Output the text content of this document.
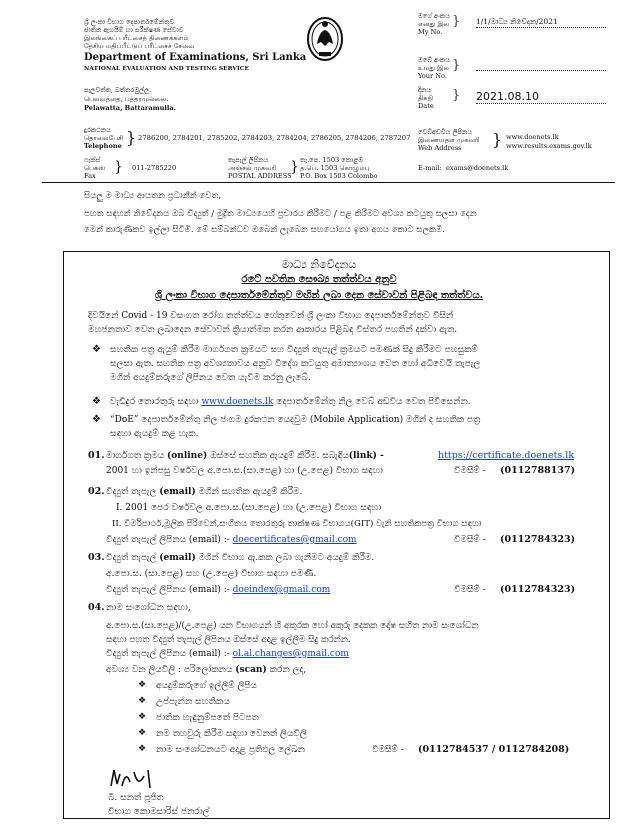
ශ්‍රී ලංකා විභාග දෙපාර්තමේන්තුව
ජාතික ඇගයීම් හා පරීක්ෂණ සේවාව
இலங்கைப் பரீட்சைத் திணைக்களம்
தேசிய மதிப்பீட்டுப் பரீட்சைச் சேவை
Department of Examinations, Sri Lanka
NATIONAL EVALUATION AND TESTING SERVICE
පැලවත්ත, බත්තරමුල්ල.
பெலவத்தை, பத்தரமுல்லை.
Pelawatta, Battaramulla.
මගේ අංකය
எனது இல
My No.
} 1/1/මාධ්‍ය නිවේදන/2021
ඔබේ අංකය
உமது இல
Your No.
}
දිනය
திகதி
Date
} 2021.08.10
දුරකථනය
தொலைபேசி
Telephone } 2786200, 2784201, 2785202, 2784203, 2784204, 2786205, 2784206, 2787207
වෙබ්අඩවිය ලිපිනය
இணையதள முகவரி
Web Address } www.doenets.lk
www.results.exams.gov.lk
ෆැක්ස්
பெக்ஸ்
Fax
} 011-2785220
තැපැල් ලිපිනය
அஞ்சல் முகவரி
POSTAL ADDRESS
} තැ.පෙ. 1503 කොළඹ
த.பெ. 1503 கொழும்பு
P.O. Box 1503 Colombo
E-mail: exams@doenets.lk
සියලු ම මාධ්‍ය ආයතන ප්‍රධානීන් වෙත,
පහත සඳහන් නිවේදනය ඔබ විද්‍යුත් / මුද්‍රිත මාධ්‍යයෙහි ප්‍රචාරය කිරීමට / පළ කිරීමට අවශ්‍ය කටයුතු සලසා දෙන
මෙන් කාරුණිකව ඉල්ලා සිටිමි. මේ සම්බන්ධව ඔබෙන් ලැබෙන සහයෝගය ඉතා අගය කොට සලකමි.
මාධ්‍ය නිවේදනය
රටේ පවතින සෞඛ්‍ය තත්ත්වය අනුව
ශ්‍රී ලංකා විභාග දෙපාර්තමේන්තුව මඟින් ලබා දෙන සේවාවන් පිළිබඳ තත්ත්වය.
දිවයිනේ Covid - 19 වසංගත රෝග තත්ත්වය හේතුවෙන් ශ්‍රී ලංකා විභාග දෙපාර්තමේන්තුව විසින්
මහජනතාව වෙත ලබාදෙන සේවාවන් ක්‍රියාත්මක කරන ආකාරය පිළිබඳ විස්තර පහතින් දක්වා ඇත.
❖ සහතික පත්‍ර ඇයුම් කිරීම මාර්ගගත ක්‍රමයට සහ විද්‍යුත් තැපැල් ක්‍රමයට පමණක් සිදු කිරීමට පහසුකම්
සලසා ඇත. සහතික පත්‍ර අවශ්‍යතාවය අනුව විදේශ කටයුතු අමාත්‍යාංශය වෙත හෝ අධිවෙයි තැපැල
මගින් අයදුම්කරුගේ ලිපිනය වෙත යැවීම කරනු ලැබේ.
❖ වැඩිදුර තොරතුරු සඳහා www.doenets.lk දෙපාර්තමේන්තු නිල වෙබ් අඩවිය වෙත පිවිසෙන්න.
❖ “DoE” දෙපාර්තමේන්තු නිල ජංගම දුරකථන යෙදවුම (Mobile Application) මගින් ද සහතික පත්‍ර
සඳහා ඇයදුම් කළ හැක.
01. මාර්ගගත ක්‍රමය (online) ඔස්සේ සහතික ඇයදුම් කිරීම. සබැඳිය(link) -	https://certificate.doenets.lk
2001 හා ඉන්පසු වර්ෂවල අ.පො.ස.(සා.පෙළ) හා (උ.පෙළ) විභාග සඳහා	විමසීම් - (0112788137)
02. විද්‍යුත් තැපැල (email) මගින් සහතික ඇයදුම් කිරීම.
I. 2001 පෙර වර්ෂවල අ.පො.ස.(සා.පෙළ) හා (උ.පෙළ) විභාග සඳහා
II. විර්මිපාර්ථ,මූලික පිරිවෙන්,සංගීතය තොරතුරු තාක්ෂණ විභාගය(GIT) වැනි සහතිකපත්‍ර විභාග සඳහා
විද්‍යුත් තැපැල් ලිපිනය (email) :- doecertificates@gmail.com	විමසීම් - (0112784323)
03. විද්‍යුත් තැපැල් (email) මගින් විභාග ඇ.කක ලබා ගැනීමට අයදුම් කිරීම.
අ.පො.ස. (සා.පෙළ) සහ (උ.පෙළ) විභාග සඳහා පමණි.
විද්‍යුත් තැපැල් ලිපිනය (email) :- doeindex@gmail.com	විමසීම් - (0112784323)
04. නාම සංශෝධන සඳහා,
අ.පො.ස.(සා.පෙළ)/(උ.පෙළ) යන විභාගයන් හි අකුරක හෝ අකුරු දෙකක දෝෂ සහිත නාම සංශෝධන
සඳහා පහත විද්‍යුත් තැපැල් ලිපිනය ඔස්සේ අදාළ ඉල්ලීම සිදු කරන්න.
විද්‍යුත් තැපැල් ලිපිනය (email) :- ol.al.changes@gmail.com
අවශ්‍ය වන ලියවිලි : පරිලෝකනය (scan) කරන ලද,
❖ අයදුම්කරුගේ ඉල්ලීම් ලිපිය
❖ උප්පැන්න සහතිකය
❖ ජාතික හැඳුනුම්පතේ පිටපත
❖ නම තහවුරු කිරීම සඳහා වෙනත් ලියවිලි
❖ නාම සංශෝධනයට අදාළ ප්‍රතිඵල ලේඛන	විමසීම් - (0112784537 / 0112784208)
බී. සනත් පූජිත
විභාග කොමසාරිස් ජනරාල්
